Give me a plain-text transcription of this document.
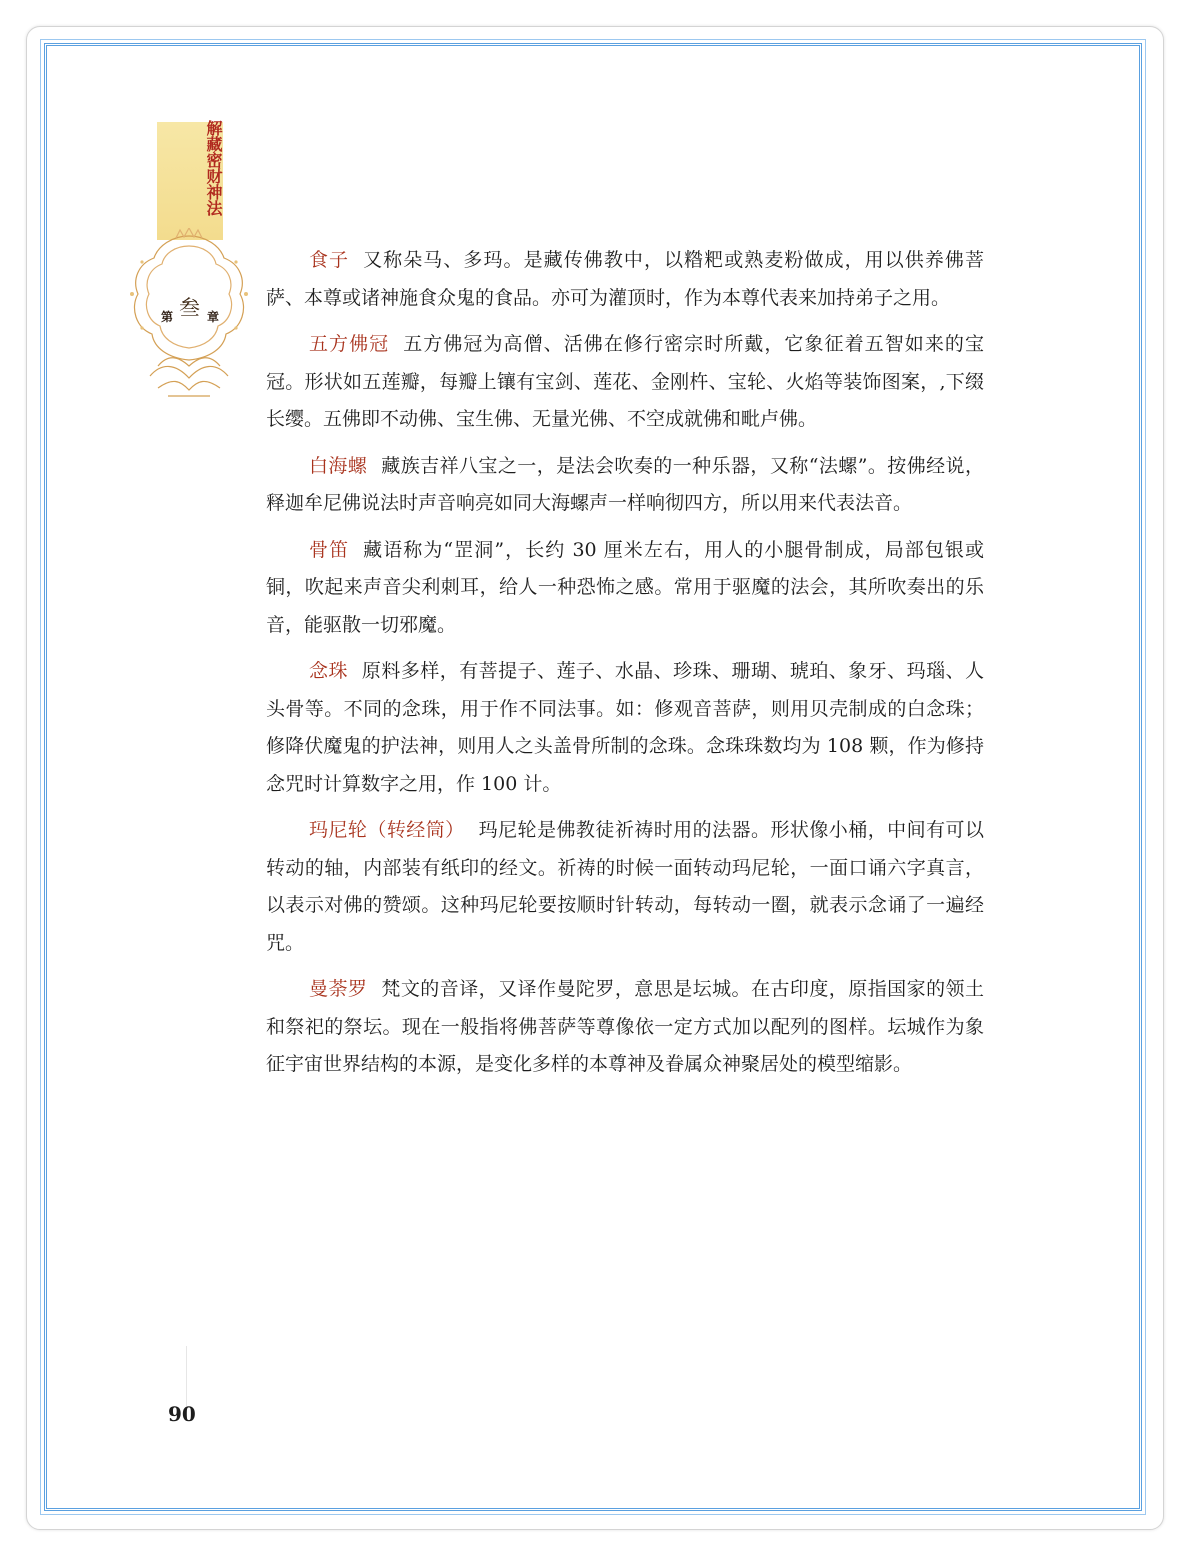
解藏密财神法
第 叁 章

食子 又称朵马、多玛。是藏传佛教中，以糌粑或熟麦粉做成，用以供养佛菩萨、本尊或诸神施食众鬼的食品。亦可为灌顶时，作为本尊代表来加持弟子之用。

五方佛冠 五方佛冠为高僧、活佛在修行密宗时所戴，它象征着五智如来的宝冠。形状如五莲瓣，每瓣上镶有宝剑、莲花、金刚杵、宝轮、火焰等装饰图案，,下缀长缨。五佛即不动佛、宝生佛、无量光佛、不空成就佛和毗卢佛。

白海螺 藏族吉祥八宝之一，是法会吹奏的一种乐器，又称“法螺”。按佛经说，释迦牟尼佛说法时声音响亮如同大海螺声一样响彻四方，所以用来代表法音。

骨笛 藏语称为“罡洞”，长约 30 厘米左右，用人的小腿骨制成，局部包银或铜，吹起来声音尖利刺耳，给人一种恐怖之感。常用于驱魔的法会，其所吹奏出的乐音，能驱散一切邪魔。

念珠 原料多样，有菩提子、莲子、水晶、珍珠、珊瑚、琥珀、象牙、玛瑙、人头骨等。不同的念珠，用于作不同法事。如：修观音菩萨，则用贝壳制成的白念珠；修降伏魔鬼的护法神，则用人之头盖骨所制的念珠。念珠珠数均为 108 颗，作为修持念咒时计算数字之用，作 100 计。

玛尼轮（转经筒） 玛尼轮是佛教徒祈祷时用的法器。形状像小桶，中间有可以转动的轴，内部装有纸印的经文。祈祷的时候一面转动玛尼轮，一面口诵六字真言，以表示对佛的赞颂。这种玛尼轮要按顺时针转动，每转动一圈，就表示念诵了一遍经咒。

曼荼罗 梵文的音译，又译作曼陀罗，意思是坛城。在古印度，原指国家的领土和祭祀的祭坛。现在一般指将佛菩萨等尊像依一定方式加以配列的图样。坛城作为象征宇宙世界结构的本源，是变化多样的本尊神及眷属众神聚居处的模型缩影。

90
